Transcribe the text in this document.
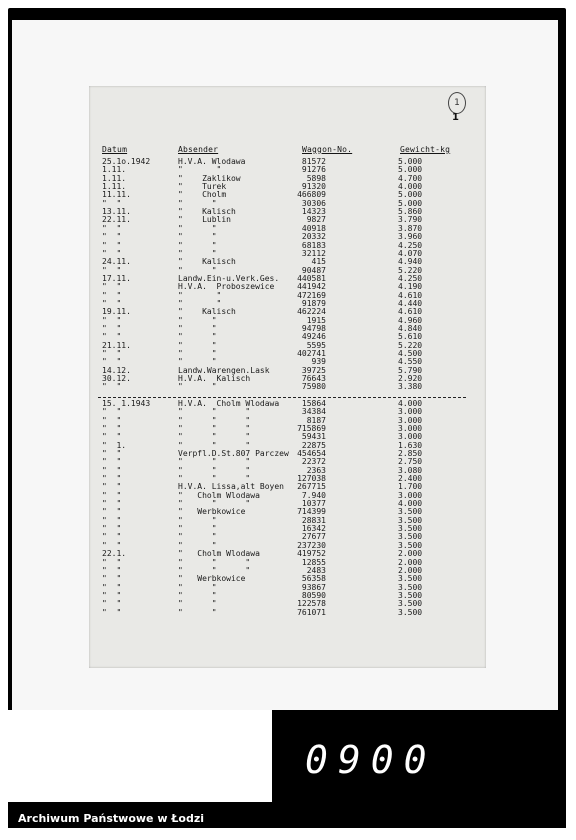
1
1
Datum	Absender	Waggon-No.	Gewicht-kg
25.1o.1942	H.V.A. Wlodawa	81572	5.000
1.11.	"       "	91276	5.000
1.11.	"    Zaklikow	5898	4.700
1.11.	"    Turek	91320	4.000
11.11.	"    Cholm	466809	5.000
"  "	"      "	30306	5.000
13.11.	"    Kalisch	14323	5.860
22.11.	"    Lublin	9827	3.790
"  "	"      "	40918	3.870
"  "	"      "	20332	3.960
"  "	"      "	68183	4.250
"  "	"      "	32112	4.070
24.11.	"    Kalisch	415	4.940
"  "	"      "	90487	5.220
17.11.	Landw.Ein-u.Verk.Ges.	440581	4.250
"  "	H.V.A.  Proboszewice	441942	4.190
"  "	"       "	472169	4.610
"  "	"       "	91879	4.440
19.11.	"    Kalisch	462224	4.610
"  "	"      "	1915	4.960
"  "	"      "	94798	4.840
"  "	"      "	49246	5.610
21.11.	"      "	5595	5.220
"  "	"      "	402741	4.500
"  "	"      "	939	4.550
14.12.	Landw.Warengen.Lask	39725	5.790
30.12.	H.V.A.  Kalisch	76643	2.920
"  "	"      "	75980	3.380
15. 1.1943	H.V.A.  Cholm Wlodawa	15864	4.000
"  "	"      "      "	34384	3.000
"  "	"      "      "	8187	3.000
"  "	"      "      "	715869	3.000
"  "	"      "      "	59431	3.000
"  1.	"      "      "	22875	1.630
"  "	Verpfl.D.St.807 Parczew	454654	2.850
"  "	"      "      "	22372	2.750
"  "	"      "      "	2363	3.080
"  "	"      "      "	127038	2.400
"  "	H.V.A. Lissa,alt Boyen	267715	1.700
"  "	"   Cholm Wlodawa	7.940	3.000
"  "	"      "      "	10377	4.000
"  "	"   Werbkowice	714399	3.500
"  "	"      "	28831	3.500
"  "	"      "	16342	3.500
"  "	"      "	27677	3.500
"  "	"      "	237230	3.500
22.1.	"   Cholm Wlodawa	419752	2.000
"  "	"      "      "	12855	2.000
"  "	"      "      "	2483	2.000
"  "	"   Werbkowice	56358	3.500
"  "	"      "	93867	3.500
"  "	"      "	80590	3.500
"  "	"      "	122578	3.500
"  "	"      "	761071	3.500
0900
Archiwum Państwowe w Łodzi
